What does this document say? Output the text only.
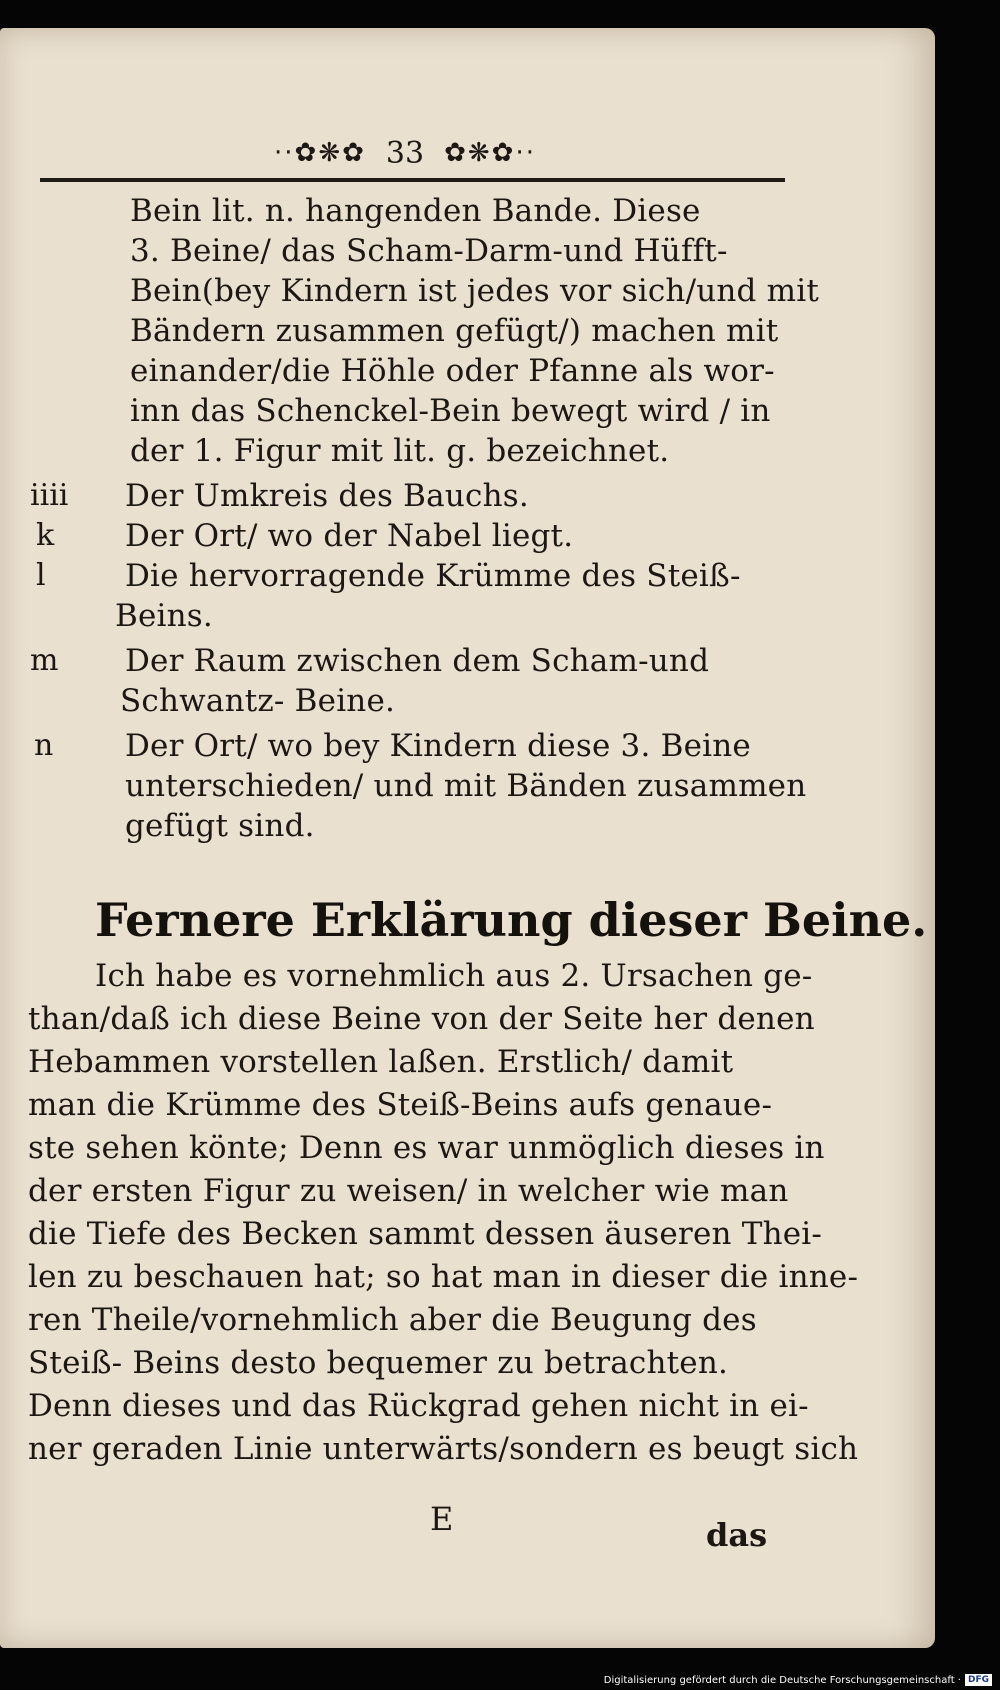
··✿❋✿ 33 ✿❋✿··
Bein lit. n. hangenden Bande. Diese
3. Beine/ das Scham-Darm-und Hüfft-
Bein(bey Kindern ist jedes vor sich/und mit
Bändern zusammen gefügt/) machen mit
einander/die Höhle oder Pfanne als wor-
inn das Schenckel-Bein bewegt wird / in
der 1. Figur mit lit. g. bezeichnet.
iiii Der Umkreis des Bauchs.
k Der Ort/ wo der Nabel liegt.
l	Die hervorragende Krümme des Steiß-
Beins.
m Der Raum zwischen dem Scham-und
Schwantz- Beine.
n Der Ort/ wo bey Kindern diese 3. Beine
unterschieden/ und mit Bänden zusammen
gefügt sind.
Fernere Erklärung dieser Beine.
Ich habe es vornehmlich aus 2. Ursachen ge-
than/daß ich diese Beine von der Seite her denen
Hebammen vorstellen laßen. Erstlich/ damit
man die Krümme des Steiß-Beins aufs genaue-
ste sehen könte; Denn es war unmöglich dieses in
der ersten Figur zu weisen/ in welcher wie man
die Tiefe des Becken sammt dessen äuseren Thei-
len zu beschauen hat; so hat man in dieser die inne-
ren Theile/vornehmlich aber die Beugung des
Steiß- Beins desto bequemer zu betrachten.
Denn dieses und das Rückgrad gehen nicht in ei-
ner geraden Linie unterwärts/sondern es beugt sich
E	das
Digitalisierung gefördert durch die Deutsche Forschungsgemeinschaft · DFG
